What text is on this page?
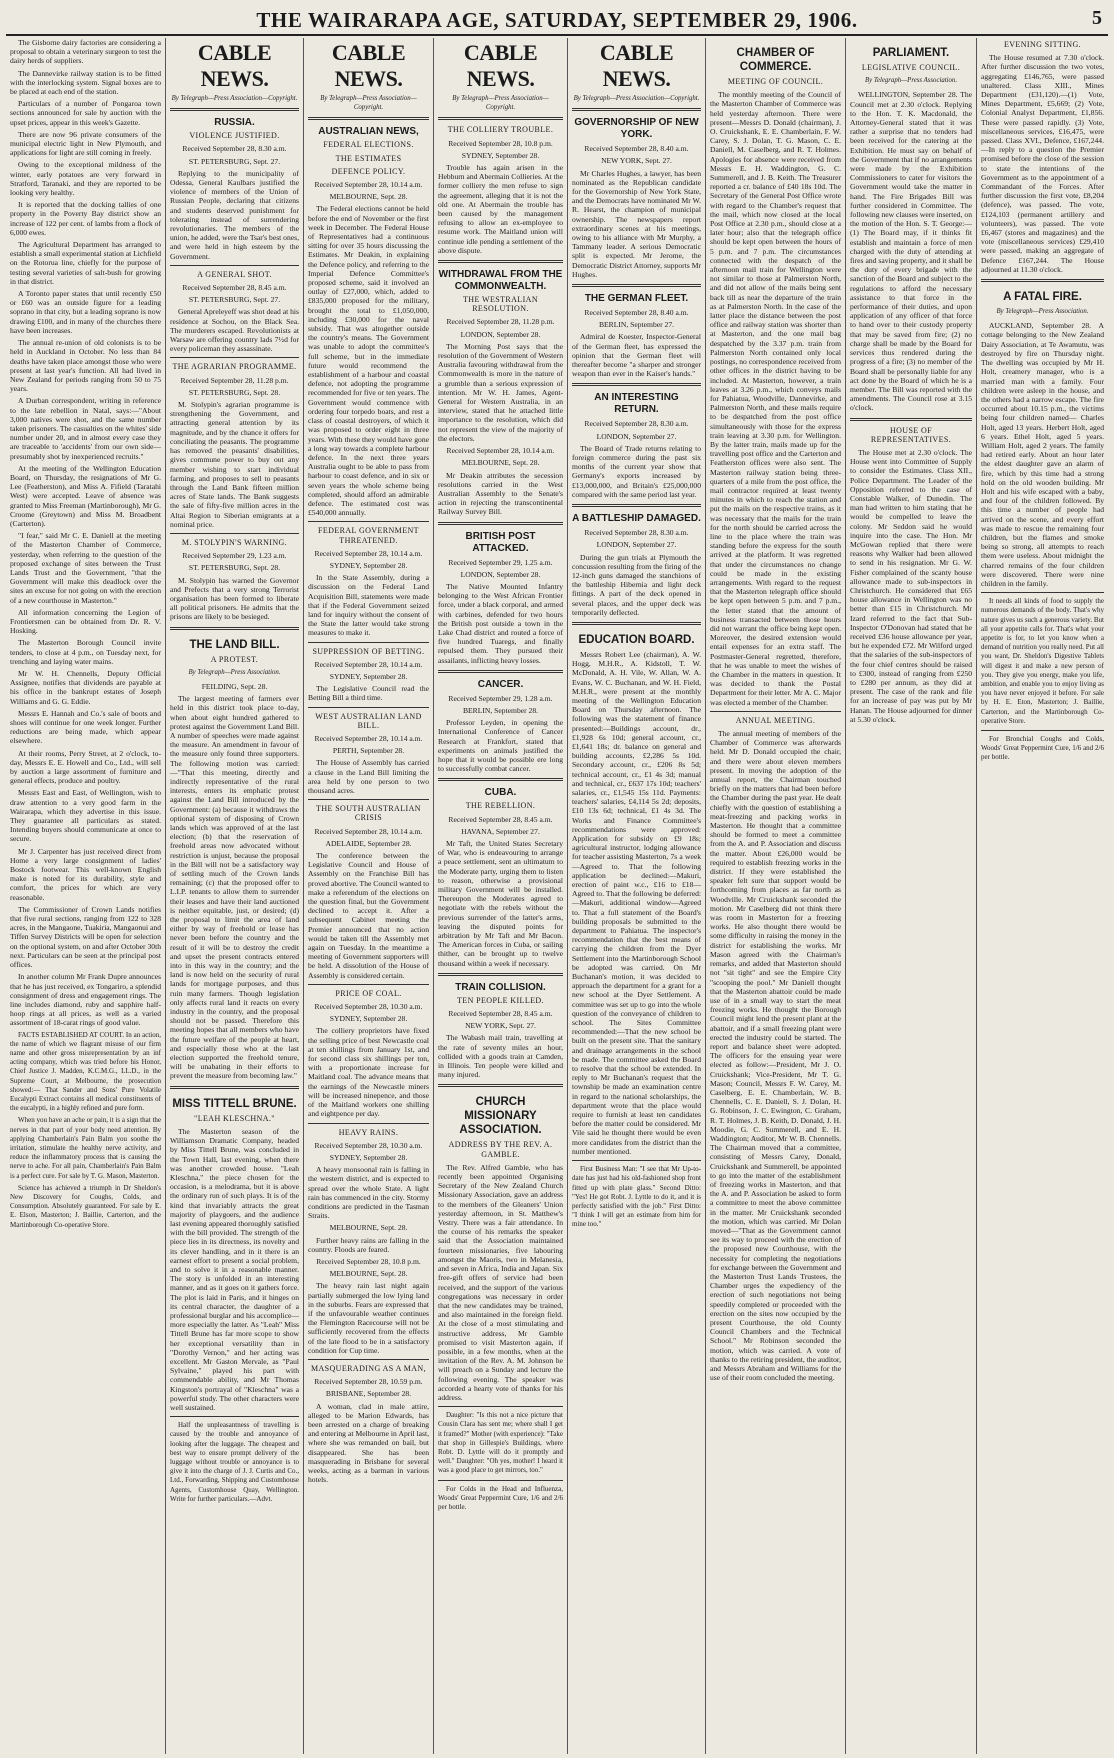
THE WAIRARAPA AGE, SATURDAY, SEPTEMBER 29, 1906.	5

The Gisborne dairy factories are considering a proposal to obtain a veterinary surgeon to test the dairy herds of suppliers.

The Dannevirke railway station is to be fitted with the interlocking system. Signal boxes are to be placed at each end of the station.

Particulars of a number of Pongaroa town sections announced for sale by auction with the upset prices, appear in this week's Gazette.

There are now 96 private consumers of the municipal electric light in New Plymouth, and applications for light are still coming in freely.

Owing to the exceptional mildness of the winter, early potatoes are very forward in Stratford, Taranaki, and they are reported to be looking very healthy.

It is reported that the docking tallies of one property in the Poverty Bay district show an increase of 122 per cent. of lambs from a flock of 6,000 ewes.

The Agricultural Department has arranged to establish a small experimental station at Lichfield on the Rotorua line, chiefly for the purpose of testing several varieties of salt-bush for growing in that district.

A Toronto paper states that until recently £50 or £60 was an outside figure for a leading soprano in that city, but a leading soprano is now drawing £100, and in many of the churches there have been increases.

The annual re-union of old colonists is to be held in Auckland in October. No less than 84 deaths have taken place amongst those who were present at last year's function. All had lived in New Zealand for periods ranging from 50 to 75 years.

A Durban correspondent, writing in reference to the late rebellion in Natal, says:—"About 3,000 natives were shot, and the same number taken prisoners. The casualties on the whites' side number under 20, and in almost every case they are traceable to 'accidents' from our own side—presumably shot by inexperienced recruits."

At the meeting of the Wellington Education Board, on Thursday, the resignations of Mr G. Lee (Featherston), and Miss A. Fifield (Taratahi West) were accepted. Leave of absence was granted to Miss Freeman (Martinborough), Mr G. Croome (Greytown) and Miss M. Broadbent (Carterton).

"I fear," said Mr C. E. Daniell at the meeting of the Masterton Chamber of Commerce, yesterday, when referring to the question of the proposed exchange of sites between the Trust Lands Trust and the Government, "that the Government will make this deadlock over the sites an excuse for not going on with the erection of a new courthouse in Masterton."

All information concerning the Legion of Frontiersmen can be obtained from Dr. R. V. Hosking.

The Masterton Borough Council invite tenders, to close at 4 p.m., on Tuesday next, for trenching and laying water mains.

Mr W. H. Chennells, Deputy Official Assignee, notifies that dividends are payable at his office in the bankrupt estates of Joseph Williams and G. G. Eddie.

Messrs E. Hannah and Co.'s sale of boots and shoes will continue for one week longer. Further reductions are being made, which appear elsewhere.

At their rooms, Perry Street, at 2 o'clock, to-day, Messrs E. E. Howell and Co., Ltd., will sell by auction a large assortment of furniture and general effects, produce and poultry.

Messrs East and East, of Wellington, wish to draw attention to a very good farm in the Wairarapa, which they advertise in this issue. They guarantee all particulars as stated. Intending buyers should communicate at once to secure.

Mr J. Carpenter has just received direct from Home a very large consignment of ladies' Bostock footwear. This well-known English make is noted for its durability, style and comfort, the prices for which are very reasonable.

The Commissioner of Crown Lands notifies that five rural sections, ranging from 122 to 328 acres, in the Mangaone, Tuakiria, Mangaonui and Tiffen Survey Districts will be open for selection on the optional system, on and after October 30th next. Particulars can be seen at the principal post offices.

In another column Mr Frank Dupre announces that he has just received, ex Tongariro, a splendid consignment of dress and engagement rings. The line includes diamond, ruby and sapphire half-hoop rings at all prices, as well as a varied assortment of 18-carat rings of good value.

FACTS ESTABLISHED AT COURT. In an action, the name of which we flagrant misuse of our firm name and other gross misrepresentation by an inf acting company, which was tried before his Honor, Chief Justice J. Madden, K.C.M.G., LL.D., in the Supreme Court, at Melbourne, the prosecution showed:— That Sander and Sons' Pure Volatile Eucalypti Extract contains all medical constituents of the eucalypti, in a highly refined and pure form.

When you have an ache or pain, it is a sign that the nerves in that part of your body need attention. By applying Chamberlain's Pain Balm you soothe the irritation, stimulate the healthy nerve activity, and reduce the inflammatory process that is causing the nerve to ache. For all pain, Chamberlain's Pain Balm is a perfect cure. For sale by T. G. Mason, Masterton.

Science has achieved a triumph in Dr Sheldon's New Discovery for Coughs, Colds, and Consumption. Absolutely guaranteed. For sale by E. E. Elson, Masterton; J. Baillie, Carterton, and the Martinborough Co-operative Store.

CABLE NEWS.
By Telegraph—Press Association—Copyright.
RUSSIA.
VIOLENCE JUSTIFIED.
Received September 28, 8.30 a.m.
ST. PETERSBURG, Sept. 27.

Replying to the municipality of Odessa, General Kaulbars justified the violence of members of the Union of Russian People, declaring that citizens and students deserved punishment for tolerating instead of surrendering revolutionaries. The members of the union, he added, were the Tsar's best ones, and were held in high esteem by the Government.

A GENERAL SHOT.
Received September 28, 8.45 a.m.
ST. PETERSBURG, Sept. 27.

General Apreleyeff was shot dead at his residence at Sochou, on the Black Sea. The murderers escaped. Revolutionists at Warsaw are offering country lads 7½d for every policeman they assassinate.

THE AGRARIAN PROGRAMME.
Received September 28, 11.28 p.m.
ST. PETERSBURG, Sept. 28.

M. Stolypin's agrarian programme is strengthening the Government, and attracting general attention by its magnitude, and by the chance it offers for conciliating the peasants. The programme has removed the peasants' disabilities, gives commune power to buy out any member wishing to start individual farming, and proposes to sell to peasants through the Land Bank fifteen million acres of State lands. The Bank suggests the sale of fifty-five million acres in the Altai Region to Siberian emigrants at a nominal price.

M. STOLYPIN'S WARNING.
Received September 29, 1.23 a.m.
ST. PETERSBURG, Sept. 28.

M. Stolypin has warned the Governor and Prefects that a very strong Terrorist organisation has been formed to liberate all political prisoners. He admits that the prisons are likely to be besieged.

THE LAND BILL.
A PROTEST.
By Telegraph—Press Association.
FEILDING, Sept. 28.

The largest meeting of farmers ever held in this district took place to-day, when about eight hundred gathered to protest against the Government Land Bill. A number of speeches were made against the measure. An amendment in favour of the measure only found three supporters. The following motion was carried:—"That this meeting, directly and indirectly representative of the rural interests, enters its emphatic protest against the Land Bill introduced by the Government: (a) because it withdraws the optional system of disposing of Crown lands which was approved of at the last election; (b) that the reservation of freehold areas now advocated without restriction is unjust, because the proposal in the Bill will not be a satisfactory way of settling much of the Crown lands remaining; (c) that the proposed offer to L.I.P. tenants to allow them to surrender their leases and have their land auctioned is neither equitable, just, or desired; (d) the proposal to limit the area of land either by way of freehold or lease has never been before the country and the result of it will be to destroy the credit and upset the present contracts entered into in this way in the country; and the land is now held on the security of rural lands for mortgage purposes, and thus ruin many farmers. Though legislation only affects rural land it reacts on every industry in the country, and the proposal should not be passed. Therefore this meeting hopes that all members who have the future welfare of the people at heart, and especially those who at the last election supported the freehold tenure, will be unabating in their efforts to prevent the measure from becoming law."

MISS TITTELL BRUNE.
"LEAH KLESCHNA."

The Masterton season of the Williamson Dramatic Company, headed by Miss Tittell Brune, was concluded in the Town Hall, last evening, when there was another crowded house. "Leah Kleschna," the piece chosen for the occasion, is a melodrama, but it is above the ordinary run of such plays. It is of the kind that invariably attracts the great majority of playgoers, and the audience last evening appeared thoroughly satisfied with the bill provided. The strength of the piece lies in its directness, its novelty and its clever handling, and in it there is an earnest effort to present a social problem, and to solve it in a reasonable manner. The story is unfolded in an interesting manner, and as it goes on it gathers force. The plot is laid in Paris, and it hinges on its central character, the daughter of a professional burglar and his accomplice—more especially the latter. As "Leah" Miss Tittell Brune has far more scope to show her exceptional versatility than in "Dorothy Vernon," and her acting was excellent. Mr Gaston Mervale, as "Paul Sylvaine," played his part with commendable ability, and Mr Thomas Kingston's portrayal of "Kleschna" was a powerful study. The other characters were well sustained.

Half the unpleasantness of travelling is caused by the trouble and annoyance of looking after the luggage. The cheapest and best way to ensure prompt delivery of the luggage without trouble or annoyance is to give it into the charge of J. J. Curtis and Co., Ltd., Forwarding, Shipping and Customhouse Agents, Customhouse Quay, Wellington. Write for further particulars.—Advt.

CABLE NEWS.
By Telegraph—Press Association—Copyright.
AUSTRALIAN NEWS,
FEDERAL ELECTIONS.
THE ESTIMATES
DEFENCE POLICY.
Received September 28, 10.14 a.m.
MELBOURNE, Sept. 28.

The Federal elections cannot be held before the end of November or the first week in December. The Federal House of Representatives had a continuous sitting for over 35 hours discussing the Estimates. Mr Deakin, in explaining the Defence policy, and referring to the Imperial Defence Committee's proposed scheme, said it involved an outlay of £27,000, which, added to £835,000 proposed for the military, brought the total to £1,050,000, including £30,000 for the naval subsidy. That was altogether outside the country's means. The Government was unable to adopt the committee's full scheme, but in the immediate future would recommend the establishment of a harbour and coastal defence, not adopting the programme recommended for five or ten years. The Government would commence with ordering four torpedo boats, and rest a class of coastal destroyers, of which it was proposed to order eight in three years. With these they would have gone a long way towards a complete harbour defence. In the next three years Australia ought to be able to pass from harbour to coast defence, and in six or seven years the whole scheme being completed, should afford an admirable defence. The estimated cost was £540,000 annually.

FEDERAL GOVERNMENT THREATENED.
Received September 28, 10.14 a.m.
SYDNEY, September 28.

In the State Assembly, during a discussion on the Federal Land Acquisition Bill, statements were made that if the Federal Government seized land for inquiry without the consent of the State the latter would take strong measures to make it.

SUPPRESSION OF BETTING.
Received September 28, 10.14 a.m.
SYDNEY, September 28.

The Legislative Council read the Betting Bill a third time.

WEST AUSTRALIAN LAND BILL.
Received September 28, 10.14 a.m.
PERTH, September 28.

The House of Assembly has carried a clause in the Land Bill limiting the area held by one person to two thousand acres.

THE SOUTH AUSTRALIAN CRISIS
Received September 28, 10.14 a.m.
ADELAIDE, September 28.

The conference between the Legislative Council and House of Assembly on the Franchise Bill has proved abortive. The Council wanted to make a referendum of the elections on the question final, but the Government declined to accept it. After a subsequent Cabinet meeting the Premier announced that no action would be taken till the Assembly met again on Tuesday. In the meantime a meeting of Government supporters will be held. A dissolution of the House of Assembly is considered certain.

PRICE OF COAL.
Received September 28, 10.30 a.m.
SYDNEY, September 28.

The colliery proprietors have fixed the selling price of best Newcastle coal at ten shillings from January 1st, and for second class six shillings per ton, with a proportionate increase for Maitland coal. The advance means that the earnings of the Newcastle miners will be increased ninepence, and those of the Maitland workers one shilling and eightpence per day.

HEAVY RAINS.
Received September 28, 10.30 a.m.
SYDNEY, September 28.

A heavy monsoonal rain is falling in the western district, and is expected to spread over the whole State. A light rain has commenced in the city. Stormy conditions are predicted in the Tasman Straits.

MELBOURNE, Sept. 28.

Further heavy rains are falling in the country. Floods are feared.

Received September 28, 10.8 p.m.
MELBOURNE, Sept. 28.

The heavy rain last night again partially submerged the low lying land in the suburbs. Fears are expressed that if the unfavourable weather continues the Flemington Racecourse will not be sufficiently recovered from the effects of the late flood to be in a satisfactory condition for Cup time.

MASQUERADING AS A MAN,
Received September 28, 10.59 p.m.
BRISBANE, September 28.

A woman, clad in male attire, alleged to be Marion Edwards, has been arrested on a charge of breaking and entering at Melbourne in April last, where she was remanded on bail, but disappeared. She has been masquerading in Brisbane for several weeks, acting as a barman in various hotels.

CABLE NEWS.
By Telegraph—Press Association—Copyright.
THE COLLIERY TROUBLE.
Received September 28, 10.8 p.m.
SYDNEY, September 28.

Trouble has again arisen in the Hebburn and Abermain Collieries. At the former colliery the men refuse to sign the agreement, alleging that it is not the old one. At Abermain the trouble has been caused by the management refusing to allow an ex-employee to resume work. The Maitland union will continue idle pending a settlement of the above dispute.

WITHDRAWAL FROM THE COMMONWEALTH.
THE WESTRALIAN RESOLUTION.
Received September 28, 11.28 p.m.
LONDON, September 28.

The Morning Post says that the resolution of the Government of Western Australia favouring withdrawal from the Commonwealth is more in the nature of a grumble than a serious expression of intention. Mr W. H. James, Agent-General for Western Australia, in an interview, stated that he attached little importance to the resolution, which did not represent the view of the majority of the electors.

Received September 28, 10.14 a.m.
MELBOURNE, Sept. 28.

Mr Deakin attributes the secession resolutions carried in the West Australian Assembly to the Senate's action in rejecting the transcontinental Railway Survey Bill.

BRITISH POST ATTACKED.
Received September 29, 1.25 a.m.
LONDON, September 28.

The Native Mounted Infantry belonging to the West African Frontier force, under a black corporal, and armed with carbines, defended for two hours the British post outside a town in the Lake Chad district and routed a force of five hundred Tuaregs, and finally repulsed them. They pursued their assailants, inflicting heavy losses.

CANCER.
Received September 29, 1.28 a.m.
BERLIN, September 28.

Professor Leyden, in opening the International Conference of Cancer Research at Frankfort, stated that experiments on animals justified the hope that it would be possible ere long to successfully combat cancer.

CUBA.
THE REBELLION.
Received September 28, 8.45 a.m.
HAVANA, September 27.

Mr Taft, the United States Secretary of War, who is endeavouring to arrange a peace settlement, sent an ultimatum to the Moderate party, urging them to listen to reason, otherwise a provisional military Government will be installed. Thereupon the Moderates agreed to negotiate with the rebels without the previous surrender of the latter's arms, leaving the disputed points for arbitration by Mr Taft and Mr Bacon. The American forces in Cuba, or sailing thither, can be brought up to twelve thousand within a week if necessary.

TRAIN COLLISION.
TEN PEOPLE KILLED.
Received September 28, 8.45 a.m.
NEW YORK, Sept. 27.

The Wabash mail train, travelling at the rate of seventy miles an hour, collided with a goods train at Camden, in Illinois. Ten people were killed and many injured.

CHURCH MISSIONARY ASSOCIATION.
ADDRESS BY THE REV. A. GAMBLE.

The Rev. Alfred Gamble, who has recently been appointed Organising Secretary of the New Zealand Church Missionary Association, gave an address to the members of the Gleaners' Union yesterday afternoon, in St. Matthew's Vestry. There was a fair attendance. In the course of his remarks the speaker said that the Association maintained fourteen missionaries, five labouring amongst the Maoris, two in Melanesia, and seven in Africa, India and Japan. Six free-gift offers of service had been received, and the support of the various congregations was necessary in order that the new candidates may be trained, and also maintained in the foreign field. At the close of a most stimulating and instructive address, Mr Gamble promised to visit Masterton again, if possible, in a few months, when at the invitation of the Rev. A. M. Johnson he will preach on a Sunday and lecture the following evening. The speaker was accorded a hearty vote of thanks for his address.

Daughter: "Is this not a nice picture that Cousin Clara has sent me; where shall I get it framed?" Mother (with experience): "Take that shop in Gillespie's Buildings, where Robt. D. Lyttle will do it promptly and well." Daughter: "Oh yes, mother! I heard it was a good place to get mirrors, too."

For Colds in the Head and Influenza, Woods' Great Peppermint Cure, 1/6 and 2/6 per bottle.

CABLE NEWS.
By Telegraph—Press Association—Copyright.
GOVERNORSHIP OF NEW YORK.
Received September 28, 8.40 a.m.
NEW YORK, Sept. 27.

Mr Charles Hughes, a lawyer, has been nominated as the Republican candidate for the Governorship of New York State, and the Democrats have nominated Mr W. R. Hearst, the champion of municipal ownership. The newspapers report extraordinary scenes at his meetings, owing to his alliance with Mr Murphy, a Tammany leader. A serious Democratic split is expected. Mr Jerome, the Democratic District Attorney, supports Mr Hughes.

THE GERMAN FLEET.
Received September 28, 8.40 a.m.
BERLIN, September 27.

Admiral de Koester, Inspector-General of the German fleet, has expressed the opinion that the German fleet will thereafter become "a sharper and stronger weapon than ever in the Kaiser's hands."

AN INTERESTING RETURN.
Received September 28, 8.30 a.m.
LONDON, September 27.

The Board of Trade returns relating to foreign commerce during the past six months of the current year show that Germany's exports increased by £13,000,000, and Britain's £25,000,000 compared with the same period last year.

A BATTLESHIP DAMAGED.
Received September 28, 8.30 a.m.
LONDON, September 27.

During the gun trials at Plymouth the concussion resulting from the firing of the 12-inch guns damaged the stanchions of the battleship Hibernia and light deck fittings. A part of the deck opened in several places, and the upper deck was temporarily deflected.

EDUCATION BOARD.

Messrs Robert Lee (chairman), A. W. Hogg, M.H.R., A. Kidstoll, T. W. McDonald, A. H. Vile, W. Allan, W. A. Evans, W. C. Buchanan, and W. H. Field, M.H.R., were present at the monthly meeting of the Wellington Education Board on Thursday afternoon. The following was the statement of finance presented:—Buildings account, dr., £1,928 6s 10d; general account, cr., £1,641 18s; dr. balance on general and building accounts, £2,286 5s 10d. Secondary account, cr., £206 8s 5d; technical account, cr., £1 4s 3d; manual and technical, cr., £637 17s 10d; teachers' salaries, cr., £1,545 15s 11d. Payments: teachers' salaries, £4,114 5s 2d; deposits, £10 13s 6d; technical, £1 4s 3d. The Works and Finance Committee's recommendations were approved: Application for subsidy on £9 18s; agricultural instructor, lodging allowance for teacher assisting Masterton, 7s a week—Agreed to. That the following application be declined:—Makuri, erection of paint w.c., £16 to £18—Agreed to. That the following be deferred:—Makuri, additional window—Agreed to. That a full statement of the Board's building proposals be submitted to the department to Pahiatua. The inspector's recommendation that the best means of carrying the children from the Dyer Settlement into the Martinborough School be adopted was carried. On Mr Buchanan's motion, it was decided to approach the department for a grant for a new school at the Dyer Settlement. A committee was set up to go into the whole question of the conveyance of children to school. The Sites Committee recommended:—That the new school be built on the present site. That the sanitary and drainage arrangements in the school be made. The committee asked the Board to resolve that the school be extended. In reply to Mr Buchanan's request that the township be made an examination centre in regard to the national scholarships, the department wrote that the place would require to furnish at least ten candidates before the matter could be considered. Mr Vile said he thought there would be even more candidates from the district than the number mentioned.

First Business Man: "I see that Mr Up-to-date has just had his old-fashioned shop front fitted up with plate glass." Second Ditto: "Yes! He got Robt. J. Lyttle to do it, and it is perfectly satisfied with the job." First Ditto: "I think I will get an estimate from him for mine too."

CHAMBER OF COMMERCE.
MEETING OF COUNCIL.

The monthly meeting of the Council of the Masterton Chamber of Commerce was held yesterday afternoon. There were present—Messrs D. Donald (chairman), J. O. Cruickshank, E. E. Chamberlain, F. W. Carey, S. J. Dolan, T. G. Mason, C. E. Daniell, M. Caselberg, and R. T. Holmes. Apologies for absence were received from Messrs E. H. Waddington, G. C. Summerell, and J. B. Keith. The Treasurer reported a cr. balance of £40 18s 10d. The Secretary of the General Post Office wrote with regard to the Chamber's request that the mail, which now closed at the local Post Office at 2.30 p.m., should close at a later hour; also that the telegraph office should be kept open between the hours of 5 p.m. and 7 p.m. The circumstances connected with the despatch of the afternoon mail train for Wellington were not similar to those at Palmerston North, and did not allow of the mails being sent back till as near the departure of the train as at Palmerston North. In the case of the latter place the distance between the post office and railway station was shorter than at Masterton, and the one mail bag despatched by the 3.37 p.m. train from Palmerston North contained only local postings, no correspondence received from other offices in the district having to be included. At Masterton, however, a train leaves at 3.26 p.m., which conveys mails for Pahiatua, Woodville, Dannevirke, and Palmerston North, and these mails require to be despatched from the post office simultaneously with those for the express train leaving at 3.30 p.m. for Wellington. By the latter train, mails made up for the travelling post office and the Carterton and Featherston offices were also sent. The Masterton railway station being three-quarters of a mile from the post office, the mail contractor required at least twenty minutes in which to reach the station and put the mails on the respective trains, as it was necessary that the mails for the train for the north should be carried across the line to the place where the train was standing before the express for the south arrived at the platform. It was regretted that under the circumstances no change could be made in the existing arrangements. With regard to the request that the Masterton telegraph office should be kept open between 5 p.m. and 7 p.m., the letter stated that the amount of business transacted between those hours did not warrant the office being kept open. Moreover, the desired extension would entail expenses for an extra staff. The Postmaster-General regretted, therefore, that he was unable to meet the wishes of the Chamber in the matters in question. It was decided to thank the Postal Department for their letter. Mr A. C. Major was elected a member of the Chamber.

ANNUAL MEETING.

The annual meeting of members of the Chamber of Commerce was afterwards held. Mr D. Donald occupied the chair, and there were about eleven members present. In moving the adoption of the annual report, the Chairman touched briefly on the matters that had been before the Chamber during the past year. He dealt chiefly with the question of establishing a meat-freezing and packing works in Masterton. He thought that a committee should be formed to meet a committee from the A. and P. Association and discuss the matter. About £26,000 would be required to establish freezing works in the district. If they were established the speaker felt sure that support would be forthcoming from places as far north as Woodville. Mr Cruickshank seconded the motion. Mr Caselberg did not think there was room in Masterton for a freezing works. He also thought there would be some difficulty in raising the money in the district for establishing the works. Mr Mason agreed with the Chairman's remarks, and added that Masterton should not "sit tight" and see the Empire City "scooping the pool." Mr Daniell thought that the Masterton abattoir could be made use of in a small way to start the meat freezing works. He thought the Borough Council might lend the present plant at the abattoir, and if a small freezing plant were erected the industry could be started. The report and balance sheet were adopted. The officers for the ensuing year were elected as follow:—President, Mr J. O. Cruickshank; Vice-President, Mr T. G. Mason; Council, Messrs F. W. Carey, M. Caselberg, E. E. Chamberlain, W. B. Chennells, C. E. Daniell, S. J. Dolan, H. G. Robinson, J. C. Ewington, C. Graham, R. T. Holmes, J. B. Keith, D. Donald, J. H. Moodie, G. C. Summerell, and E. H. Waddington; Auditor, Mr W. B. Chennells. The Chairman moved that a committee, consisting of Messrs Carey, Donald, Cruickshank and Summerell, be appointed to go into the matter of the establishment of freezing works in Masterton, and that the A. and P. Association be asked to form a committee to meet the above committee in the matter. Mr Cruickshank seconded the motion, which was carried. Mr Dolan moved—"That as the Government cannot see its way to proceed with the erection of the proposed new Courthouse, with the necessity for completing the negotiations for exchange between the Government and the Masterton Trust Lands Trustees, the Chamber urges the expediency of the erection of such negotiations not being speedily completed or proceeded with the erection on the sites now occupied by the present Courthouse, the old County Council Chambers and the Technical School." Mr Robinson seconded the motion, which was carried. A vote of thanks to the retiring president, the auditor, and Messrs Abraham and Williams for the use of their room concluded the meeting.

PARLIAMENT.
LEGISLATIVE COUNCIL.
By Telegraph—Press Association.

WELLINGTON, September 28. The Council met at 2.30 o'clock. Replying to the Hon. T. K. Macdonald, the Attorney-General stated that it was rather a surprise that no tenders had been received for the catering at the Exhibition. He must say on behalf of the Government that if no arrangements were made by the Exhibition Commissioners to cater for visitors the Government would take the matter in hand. The Fire Brigades Bill was further considered in Committee. The following new clauses were inserted, on the motion of the Hon. S. T. George:—(1) The Board may, if it thinks fit establish and maintain a force of men charged with the duty of attending at fires and saving property, and it shall be the duty of every brigade with the sanction of the Board and subject to the regulations to afford the necessary assistance to that force in the performance of their duties, and upon application of any officer of that force to hand over to their custody property that may be saved from fire; (2) no charge shall be made by the Board for services thus rendered during the progress of a fire; (3) no member of the Board shall be personally liable for any act done by the Board of which he is a member. The Bill was reported with the amendments. The Council rose at 3.15 o'clock.

HOUSE OF REPRESENTATIVES.

The House met at 2.30 o'clock. The House went into Committee of Supply to consider the Estimates. Class XII., Police Department. The Leader of the Opposition referred to the case of Constable Walker, of Dunedin. The man had written to him stating that he would be compelled to leave the colony. Mr Seddon said he would inquire into the case. The Hon. Mr McGowan replied that there were reasons why Walker had been allowed to send in his resignation. Mr G. W. Fisher complained of the scanty house allowance made to sub-inspectors in Christchurch. He considered that £65 house allowance in Wellington was no better than £15 in Christchurch. Mr Izard referred to the fact that Sub-Inspector O'Donovan had stated that he received £36 house allowance per year, but he expended £72. Mr Wilford urged that the salaries of the sub-inspectors of the four chief centres should be raised to £300, instead of ranging from £250 to £280 per annum, as they did at present. The case of the rank and file for an increase of pay was put by Mr Hanan. The House adjourned for dinner at 5.30 o'clock.

EVENING SITTING.

The House resumed at 7.30 o'clock. After further discussion the two votes, aggregating £146,765, were passed unaltered. Class XIII., Mines Department (£31,120).—(1) Vote, Mines Department, £5,669; (2) Vote, Colonial Analyst Department, £1,856. These were passed rapidly. (3) Vote, miscellaneous services, £16,475, were passed. Class XVI., Defence, £167,244.—In reply to a question the Premier promised before the close of the session to state the intentions of the Government as to the appointment of a Commandant of the Forces. After further discussion the first vote, £8,204 (defence), was passed. The vote, £124,103 (permanent artillery and volunteers), was passed. The vote £6,467 (stores and magazines) and the vote (miscellaneous services) £29,410 were passed, making an aggregate of Defence £167,244. The House adjourned at 11.30 o'clock.

A FATAL FIRE.
By Telegraph—Press Association.

AUCKLAND, September 28. A cottage belonging to the New Zealand Dairy Association, at Te Awamutu, was destroyed by fire on Thursday night. The dwelling was occupied by Mr H. Holt, creamery manager, who is a married man with a family. Four children were asleep in the house, and the others had a narrow escape. The fire occurred about 10.15 p.m., the victims being four children named— Charles Holt, aged 13 years. Herbert Holt, aged 6 years. Ethel Holt, aged 5 years. William Holt, aged 2 years. The family had retired early. About an hour later the eldest daughter gave an alarm of fire, which by this time had a strong hold on the old wooden building. Mr Holt and his wife escaped with a baby, and four of the children followed. By this time a number of people had arrived on the scene, and every effort was made to rescue the remaining four children, but the flames and smoke being so strong, all attempts to reach them were useless. About midnight the charred remains of the four children were discovered. There were nine children in the family.

It needs all kinds of food to supply the numerous demands of the body. That's why nature gives us such a generous variety. But all your appetite calls for. That's what your appetite is for, to let you know when a demand of nutrition you really need. Put all you want, Dr. Sheldon's Digestive Tablets will digest it and make a new person of you. They give you energy, make you life, ambition, and enable you to enjoy living as you have never enjoyed it before. For sale by H. E. Eton, Masterton; J. Baillie, Carterton, and the Martinborough Co-operative Store.

For Bronchial Coughs and Colds, Woods' Great Peppermint Cure, 1/6 and 2/6 per bottle.
